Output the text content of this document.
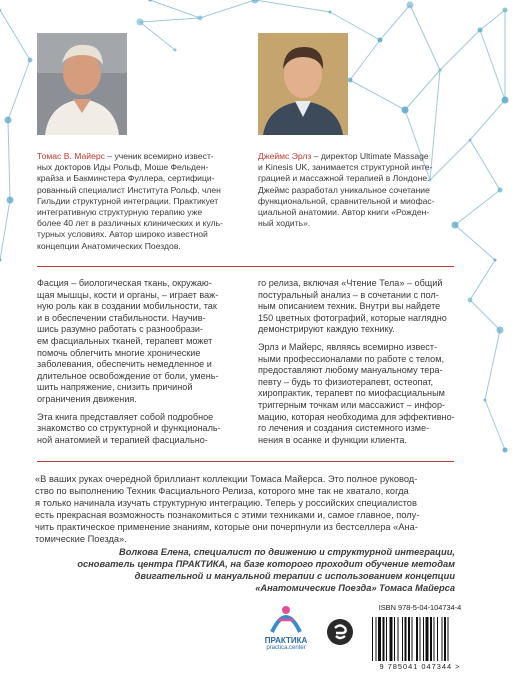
Томас В. Майерс – ученик всемирно извест-
ных докторов Иды Рольф, Моше Фельден-
крайза и Бакминстера Фуллера, сертифици-
рованный специалист Института Рольф, член
Гильдии структурной интеграции. Практикует
интегративную структурную терапию уже
более 40 лет в различных клинических и куль-
турных условиях. Автор широко известной
концепции Анатомических Поездов.
Джеймс Эрлз – директор Ultimate Massage
и Kinesis UK, занимается структурной инте-
грацией и массажной терапией в Лондоне.
Джеймс разработал уникальное сочетание
функциональной, сравнительной и миофас-
циальной анатомии. Автор книги «Рожден-
ный ходить».

Фасция – биологическая ткань, окружаю-
щая мышцы, кости и органы, – играет важ-
ную роль как в создании мобильности, так
и в обеспечении стабильности. Научив-
шись разумно работать с разнообрази-
ем фасциальных тканей, терапевт может
помочь облегчить многие хронические
заболевания, обеспечить немедленное и
длительное освобождение от боли, умень-
шить напряжение, снизить причиной
ограничения движения.

Эта книга представляет собой подробное
знакомство со структурной и функциональ-
ной анатомией и терапией фасциально-

го релиза, включая «Чтение Тела» – общий
постуральный анализ – в сочетании с пол-
ным описанием техник. Внутри вы найдете
150 цветных фотографий, которые наглядно
демонстрируют каждую технику.

Эрлз и Майерс, являясь всемирно извест-
ными профессионалами по работе с телом,
предоставляют любому мануальному тера-
певту – будь то физиотерапевт, остеопат,
хиропрактик, терапевт по миофасциальным
триггерным точкам или массажист – инфор-
мацию, которая необходима для эффективно-
го лечения и создания системного изме-
нения в осанке и функции клиента.

«В ваших руках очередной бриллиант коллекции Томаса Майерса. Это полное руковод-
ство по выполнению Техник Фасциального Релиза, которого мне так не хватало, когда
я только начинала изучать структурную интеграцию. Теперь у российских специалистов
есть прекрасная возможность познакомиться с этими техниками и, самое главное, полу-
чить практическое применение знаниям, которые они почерпнули из бестселлера «Ана-
томические Поезда».
Волкова Елена, специалист по движению и структурной интеграции,
основатель центра ПРАКТИКА, на базе которого проходит обучение методам
двигательной и мануальной терапии с использованием концепции
«Анатомические Поезда» Томаса Майерса
ПРАКТИКА
practica.center
ISBN 978-5-04-104734-4
9 785041 047344 >
